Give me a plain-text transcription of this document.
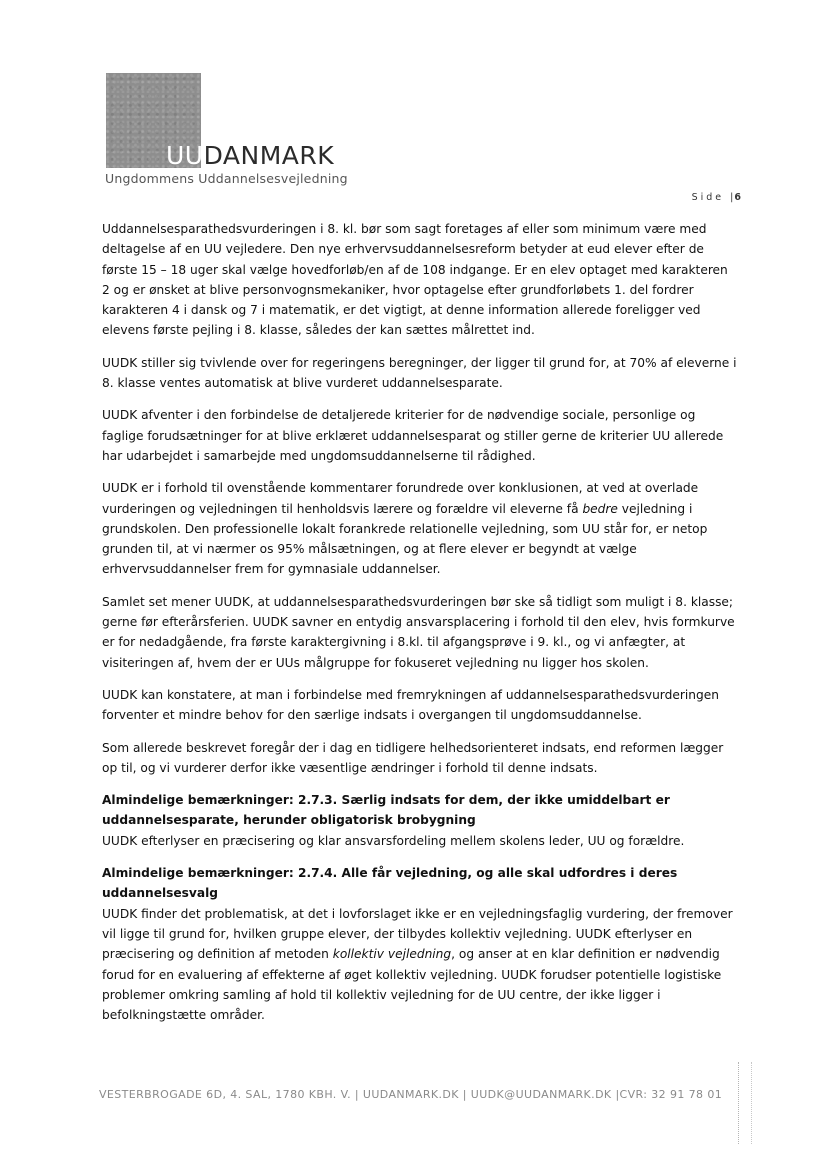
UUDANMARK
Ungdommens Uddannelsesvejledning
Side |6

Uddannelsesparathedsvurderingen i 8. kl. bør som sagt foretages af eller som minimum være med deltagelse af en UU vejledere. Den nye erhvervsuddannelsesreform betyder at eud elever efter de første 15 – 18 uger skal vælge hovedforløb/en af de 108 indgange. Er en elev optaget med karakteren 2 og er ønsket at blive personvognsmekaniker, hvor optagelse efter grundforløbets 1. del fordrer karakteren 4 i dansk og 7 i matematik, er det vigtigt, at denne information allerede foreligger ved elevens første pejling i 8. klasse, således der kan sættes målrettet ind.

UUDK stiller sig tvivlende over for regeringens beregninger, der ligger til grund for, at 70% af eleverne i 8. klasse ventes automatisk at blive vurderet uddannelsesparate.

UUDK afventer i den forbindelse de detaljerede kriterier for de nødvendige sociale, personlige og faglige forudsætninger for at blive erklæret uddannelsesparat og stiller gerne de kriterier UU allerede har udarbejdet i samarbejde med ungdomsuddannelserne til rådighed.

UUDK er i forhold til ovenstående kommentarer forundrede over konklusionen, at ved at overlade vurderingen og vejledningen til henholdsvis lærere og forældre vil eleverne få bedre vejledning i grundskolen. Den professionelle lokalt forankrede relationelle vejledning, som UU står for, er netop grunden til, at vi nærmer os 95% målsætningen, og at flere elever er begyndt at vælge erhvervsuddannelser frem for gymnasiale uddannelser.

Samlet set mener UUDK, at uddannelsesparathedsvurderingen bør ske så tidligt som muligt i 8. klasse; gerne før efterårsferien. UUDK savner en entydig ansvarsplacering i forhold til den elev, hvis formkurve er for nedadgående, fra første karaktergivning i 8.kl. til afgangsprøve i 9. kl., og vi anfægter, at visiteringen af, hvem der er UUs målgruppe for fokuseret vejledning nu ligger hos skolen.

UUDK kan konstatere, at man i forbindelse med fremrykningen af uddannelsesparathedsvurderingen forventer et mindre behov for den særlige indsats i overgangen til ungdomsuddannelse.

Som allerede beskrevet foregår der i dag en tidligere helhedsorienteret indsats, end reformen lægger op til, og vi vurderer derfor ikke væsentlige ændringer i forhold til denne indsats.

Almindelige bemærkninger: 2.7.3. Særlig indsats for dem, der ikke umiddelbart er uddannelsesparate, herunder obligatorisk brobygning
UUDK efterlyser en præcisering og klar ansvarsfordeling mellem skolens leder, UU og forældre.
Almindelige bemærkninger: 2.7.4. Alle får vejledning, og alle skal udfordres i deres uddannelsesvalg
UUDK finder det problematisk, at det i lovforslaget ikke er en vejledningsfaglig vurdering, der fremover vil ligge til grund for, hvilken gruppe elever, der tilbydes kollektiv vejledning. UUDK efterlyser en præcisering og definition af metoden kollektiv vejledning, og anser at en klar definition er nødvendig forud for en evaluering af effekterne af øget kollektiv vejledning. UUDK forudser potentielle logistiske problemer omkring samling af hold til kollektiv vejledning for de UU centre, der ikke ligger i befolkningstætte områder.
VESTERBROGADE 6D, 4. SAL, 1780 KBH. V. | UUDANMARK.DK | UUDK@UUDANMARK.DK |CVR: 32 91 78 01
